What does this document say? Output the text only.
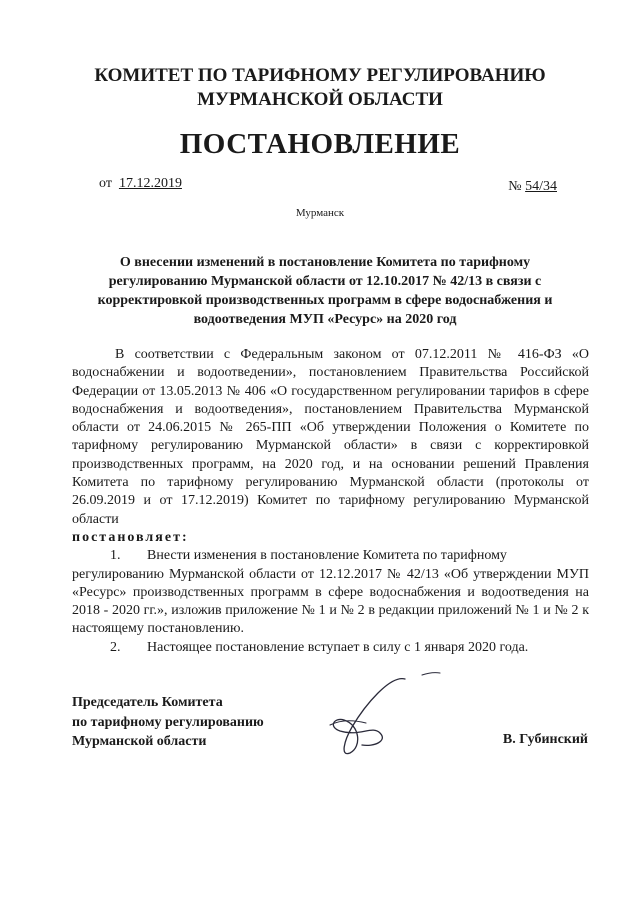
КОМИТЕТ ПО ТАРИФНОМУ РЕГУЛИРОВАНИЮ
МУРМАНСКОЙ ОБЛАСТИ
ПОСТАНОВЛЕНИЕ
от 17.12.2019	№ 54/34
Мурманск
О внесении изменений в постановление Комитета по тарифному
регулированию Мурманской области от 12.10.2017 № 42/13 в связи с
корректировкой производственных программ в сфере водоснабжения и
водоотведения МУП «Ресурс» на 2020 год

В соответствии с Федеральным законом от 07.12.2011 № 416-ФЗ «О водоснабжении и водоотведении», постановлением Правительства Российской Федерации от 13.05.2013 № 406 «О государственном регулировании тарифов в сфере водоснабжения и водоотведения», постановлением Правительства Мурманской области от 24.06.2015 № 265-ПП «Об утверждении Положения о Комитете по тарифному регулированию Мурманской области» в связи с корректировкой производственных программ, на 2020 год, и на основании решений Правления Комитета по тарифному регулированию Мурманской области (протоколы от 26.09.2019 и от 17.12.2019) Комитет по тарифному регулированию Мурманской области

постановляет:

1.	Внести изменения в постановление Комитета по тарифному

регулированию Мурманской области от 12.12.2017 № 42/13 «Об утверждении МУП «Ресурс» производственных программ в сфере водоснабжения и водоотведения на 2018 - 2020 гг.», изложив приложение № 1 и № 2 в редакции приложений № 1 и № 2 к настоящему постановлению.

2.	Настоящее постановление вступает в силу с 1 января 2020 года.
Председатель Комитета
по тарифному регулированию
Мурманской области	В. Губинский
